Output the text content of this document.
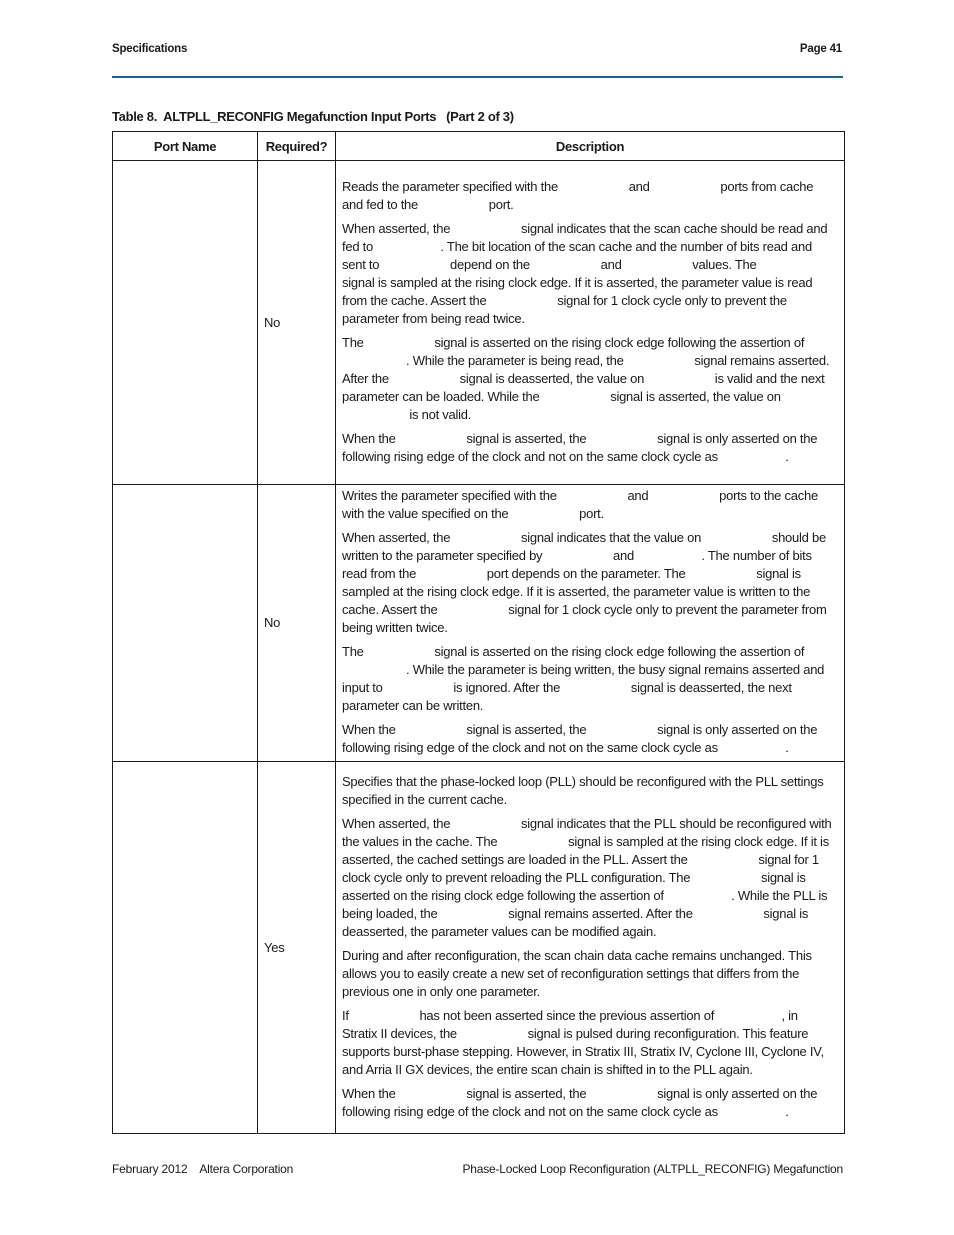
Specifications	Page 41
Table 8.  ALTPLL_RECONFIG Megafunction Input Ports   (Part 2 of 3)
Port Name	Required?	Description
	No	Reads the parameter specified with the and ports from cache and fed to the port.

When asserted, the signal indicates that the scan cache should be read and fed to . The bit location of the scan cache and the number of bits read and sent to depend on the and values. The  signal is sampled at the rising clock edge. If it is asserted, the parameter value is read from the cache. Assert the signal for 1 clock cycle only to prevent the parameter from being read twice.

The signal is asserted on the rising clock edge following the assertion of . While the parameter is being read, the signal remains asserted. After the signal is deasserted, the value on is valid and the next parameter can be loaded. While the signal is asserted, the value on  is not valid.

When the signal is asserted, the signal is only asserted on the following rising edge of the clock and not on the same clock cycle as .

	No	Writes the parameter specified with the and ports to the cache with the value specified on the port.

When asserted, the signal indicates that the value on should be written to the parameter specified by and . The number of bits read from the port depends on the parameter. The signal is sampled at the rising clock edge. If it is asserted, the parameter value is written to the cache. Assert the signal for 1 clock cycle only to prevent the parameter from being written twice.

The signal is asserted on the rising clock edge following the assertion of . While the parameter is being written, the busy signal remains asserted and input to is ignored. After the signal is deasserted, the next parameter can be written.

When the signal is asserted, the signal is only asserted on the following rising edge of the clock and not on the same clock cycle as .

	Yes	Specifies that the phase-locked loop (PLL) should be reconfigured with the PLL settings specified in the current cache.

When asserted, the signal indicates that the PLL should be reconfigured with the values in the cache. The signal is sampled at the rising clock edge. If it is asserted, the cached settings are loaded in the PLL. Assert the signal for 1 clock cycle only to prevent reloading the PLL configuration. The signal is asserted on the rising clock edge following the assertion of . While the PLL is being loaded, the signal remains asserted. After the signal is deasserted, the parameter values can be modified again.

During and after reconfiguration, the scan chain data cache remains unchanged. This allows you to easily create a new set of reconfiguration settings that differs from the previous one in only one parameter.

If has not been asserted since the previous assertion of , in Stratix II devices, the signal is pulsed during reconfiguration. This feature supports burst-phase stepping. However, in Stratix III, Stratix IV, Cyclone III, Cyclone IV, and Arria II GX devices, the entire scan chain is shifted in to the PLL again.

When the signal is asserted, the signal is only asserted on the following rising edge of the clock and not on the same clock cycle as .

February 2012    Altera Corporation	Phase-Locked Loop Reconfiguration (ALTPLL_RECONFIG) Megafunction
